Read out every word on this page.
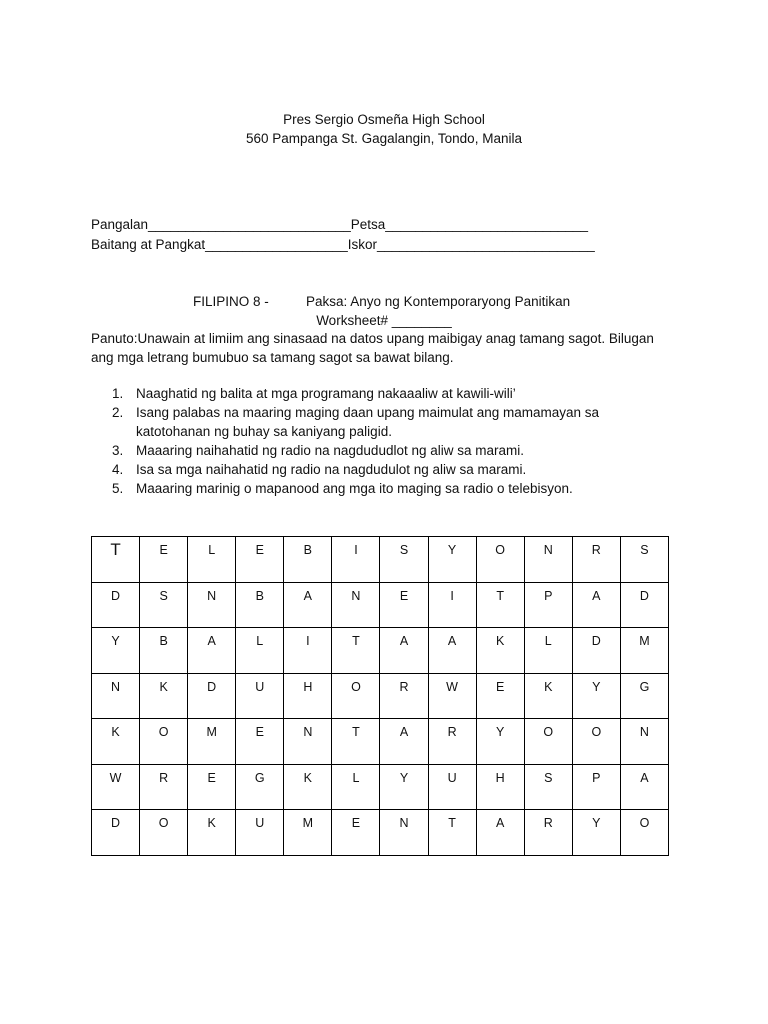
Pres Sergio Osmeña High School
560 Pampanga St. Gagalangin, Tondo, Manila
Pangalan___________________________Petsa___________________________
Baitang at Pangkat___________________Iskor_____________________________
FILIPINO 8 -	Paksa: Anyo ng Kontemporaryong Panitikan
Worksheet# ________
Panuto:Unawain at limiim ang sinasaad na datos upang maibigay anag tamang sagot. Bilugan ang mga letrang bumubuo sa tamang sagot sa bawat bilang.
1. Naaghatid ng balita at mga programang nakaaaliw at kawili-wili’
2. Isang palabas na maaring maging daan upang maimulat ang mamamayan sa katotohanan ng buhay sa kaniyang paligid.
3. Maaaring naihahatid ng radio na nagdududlot ng aliw sa marami.
4. Isa sa mga naihahatid ng radio na nagdudulot ng aliw sa marami.
5. Maaaring marinig o mapanood ang mga ito maging sa radio o telebisyon.
T	E	L	E	B	I	S	Y	O	N	R	S
D	S	N	B	A	N	E	I	T	P	A	D
Y	B	A	L	I	T	A	A	K	L	D	M
N	K	D	U	H	O	R	W	E	K	Y	G
K	O	M	E	N	T	A	R	Y	O	O	N
W	R	E	G	K	L	Y	U	H	S	P	A
D	O	K	U	M	E	N	T	A	R	Y	O
